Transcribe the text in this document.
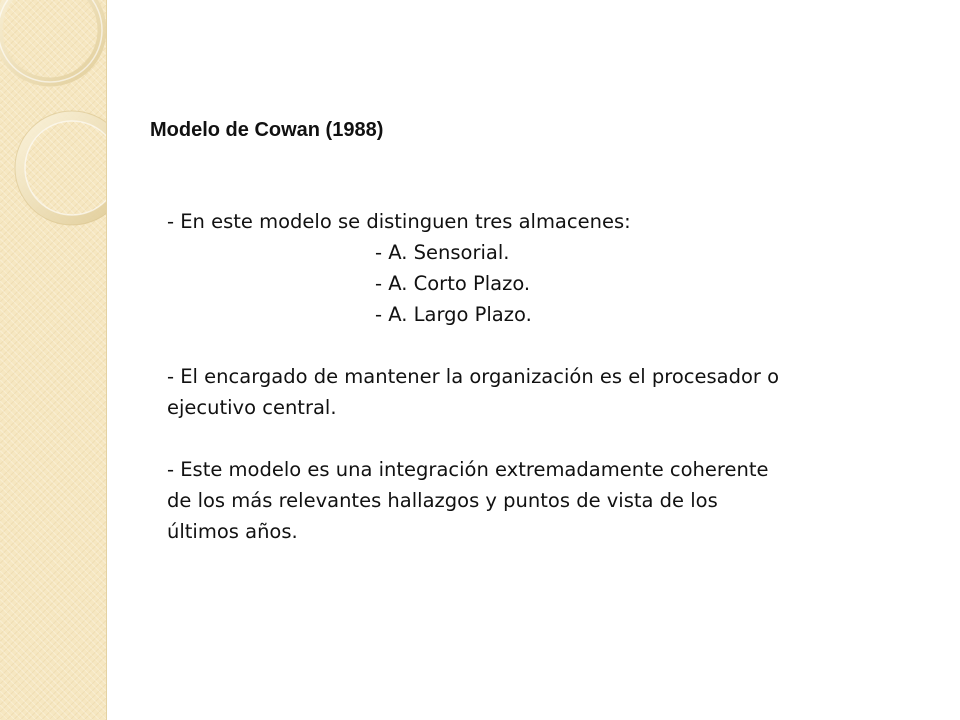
Modelo de Cowan (1988)
- En este modelo se distinguen tres almacenes:
- A. Sensorial.
- A. Corto Plazo.
- A. Largo Plazo.
- El encargado de mantener la organización es el procesador o
ejecutivo central.
- Este modelo es una integración extremadamente coherente
de los más relevantes hallazgos y puntos de vista de los
últimos años.
